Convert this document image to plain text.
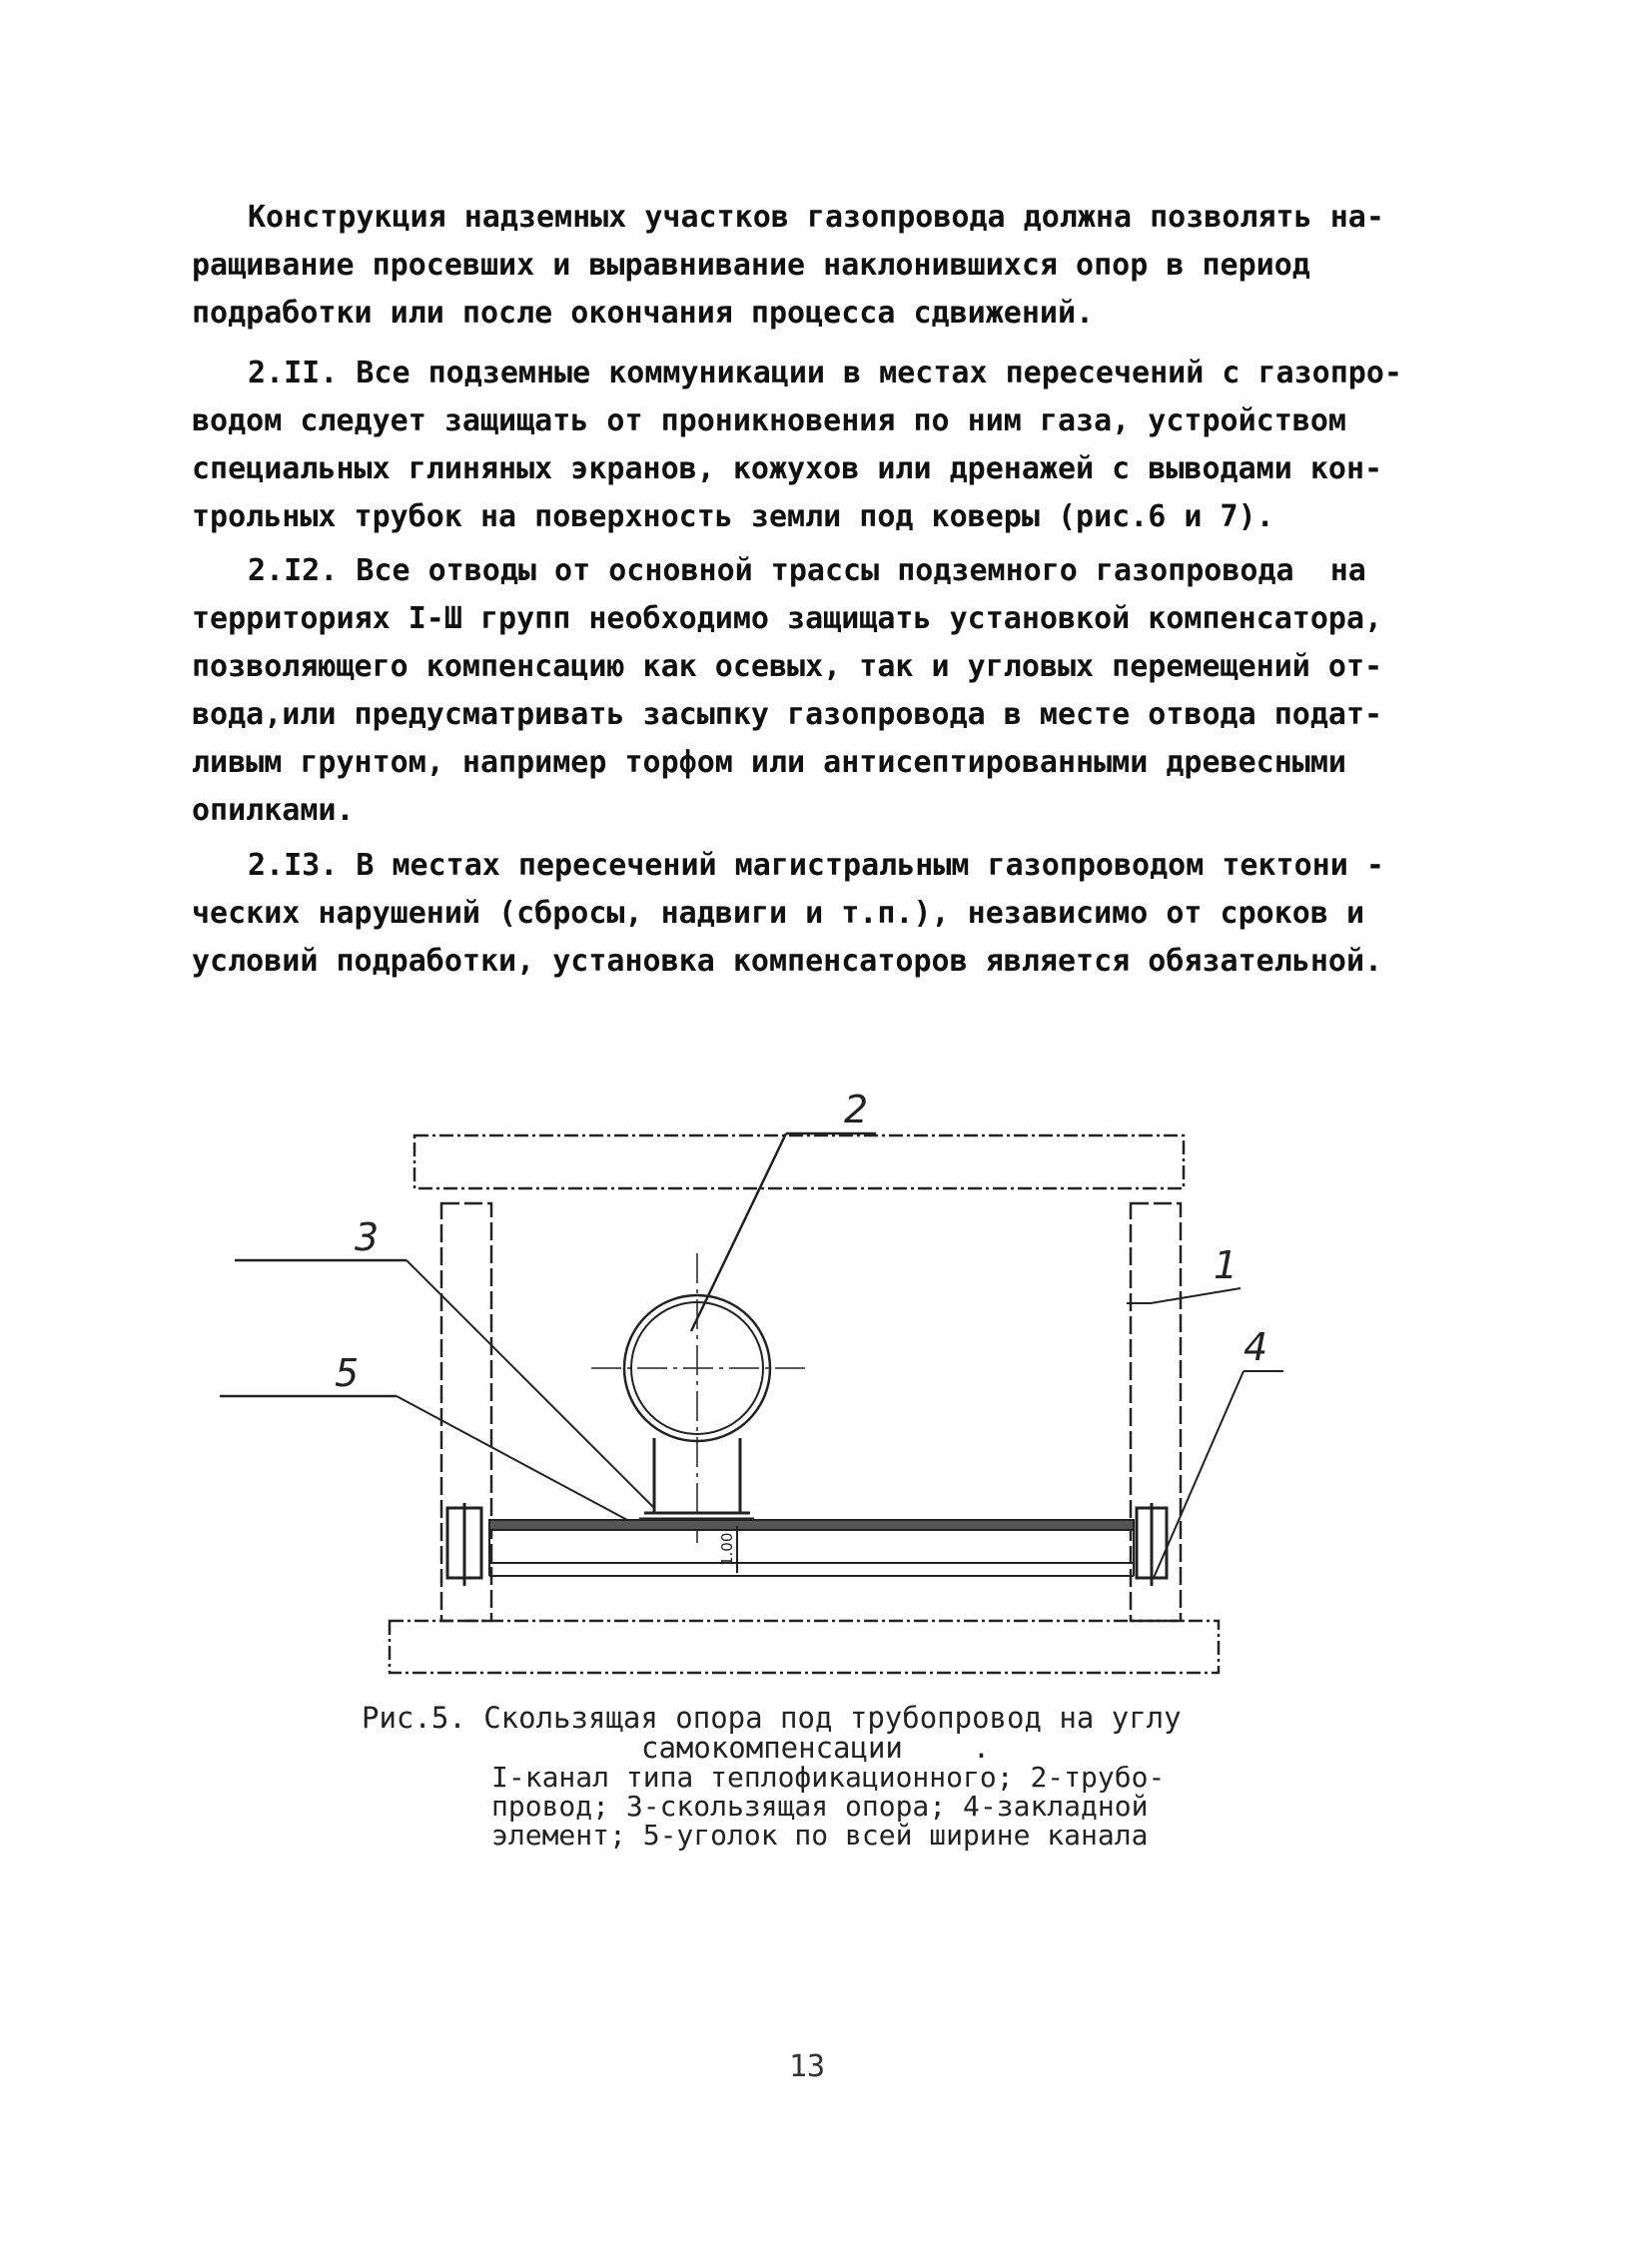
Конструкция надземных участков газопровода должна позволять на-
ращивание просевших и выравнивание наклонившихся опор в период
подработки или после окончания процесса сдвижений.
2.II. Все подземные коммуникации в местах пересечений с газопро-
водом следует защищать от проникновения по ним газа, устройством
специальных глиняных экранов, кожухов или дренажей с выводами кон-
трольных трубок на поверхность земли под коверы (рис.6 и 7).
2.I2. Все отводы от основной трассы подземного газопровода  на
территориях I-Ш групп необходимо защищать установкой компенсатора,
позволяющего компенсацию как осевых, так и угловых перемещений от-
вода,или предусматривать засыпку газопровода в месте отвода подат-
ливым грунтом, например торфом или антисептированными древесными
опилками.
2.I3. В местах пересечений магистральным газопроводом тектони -
ческих нарушений (сбросы, надвиги и т.п.), независимо от сроков и
условий подработки, установка компенсаторов является обязательной.
1.00
2
3
5
1
4
Рис.5. Скользящая опора под трубопровод на углу
самокомпенсации    .
I-канал типа теплофикационного; 2-трубо-
провод; 3-скользящая опора; 4-закладной
элемент; 5-уголок по всей ширине канала
13
